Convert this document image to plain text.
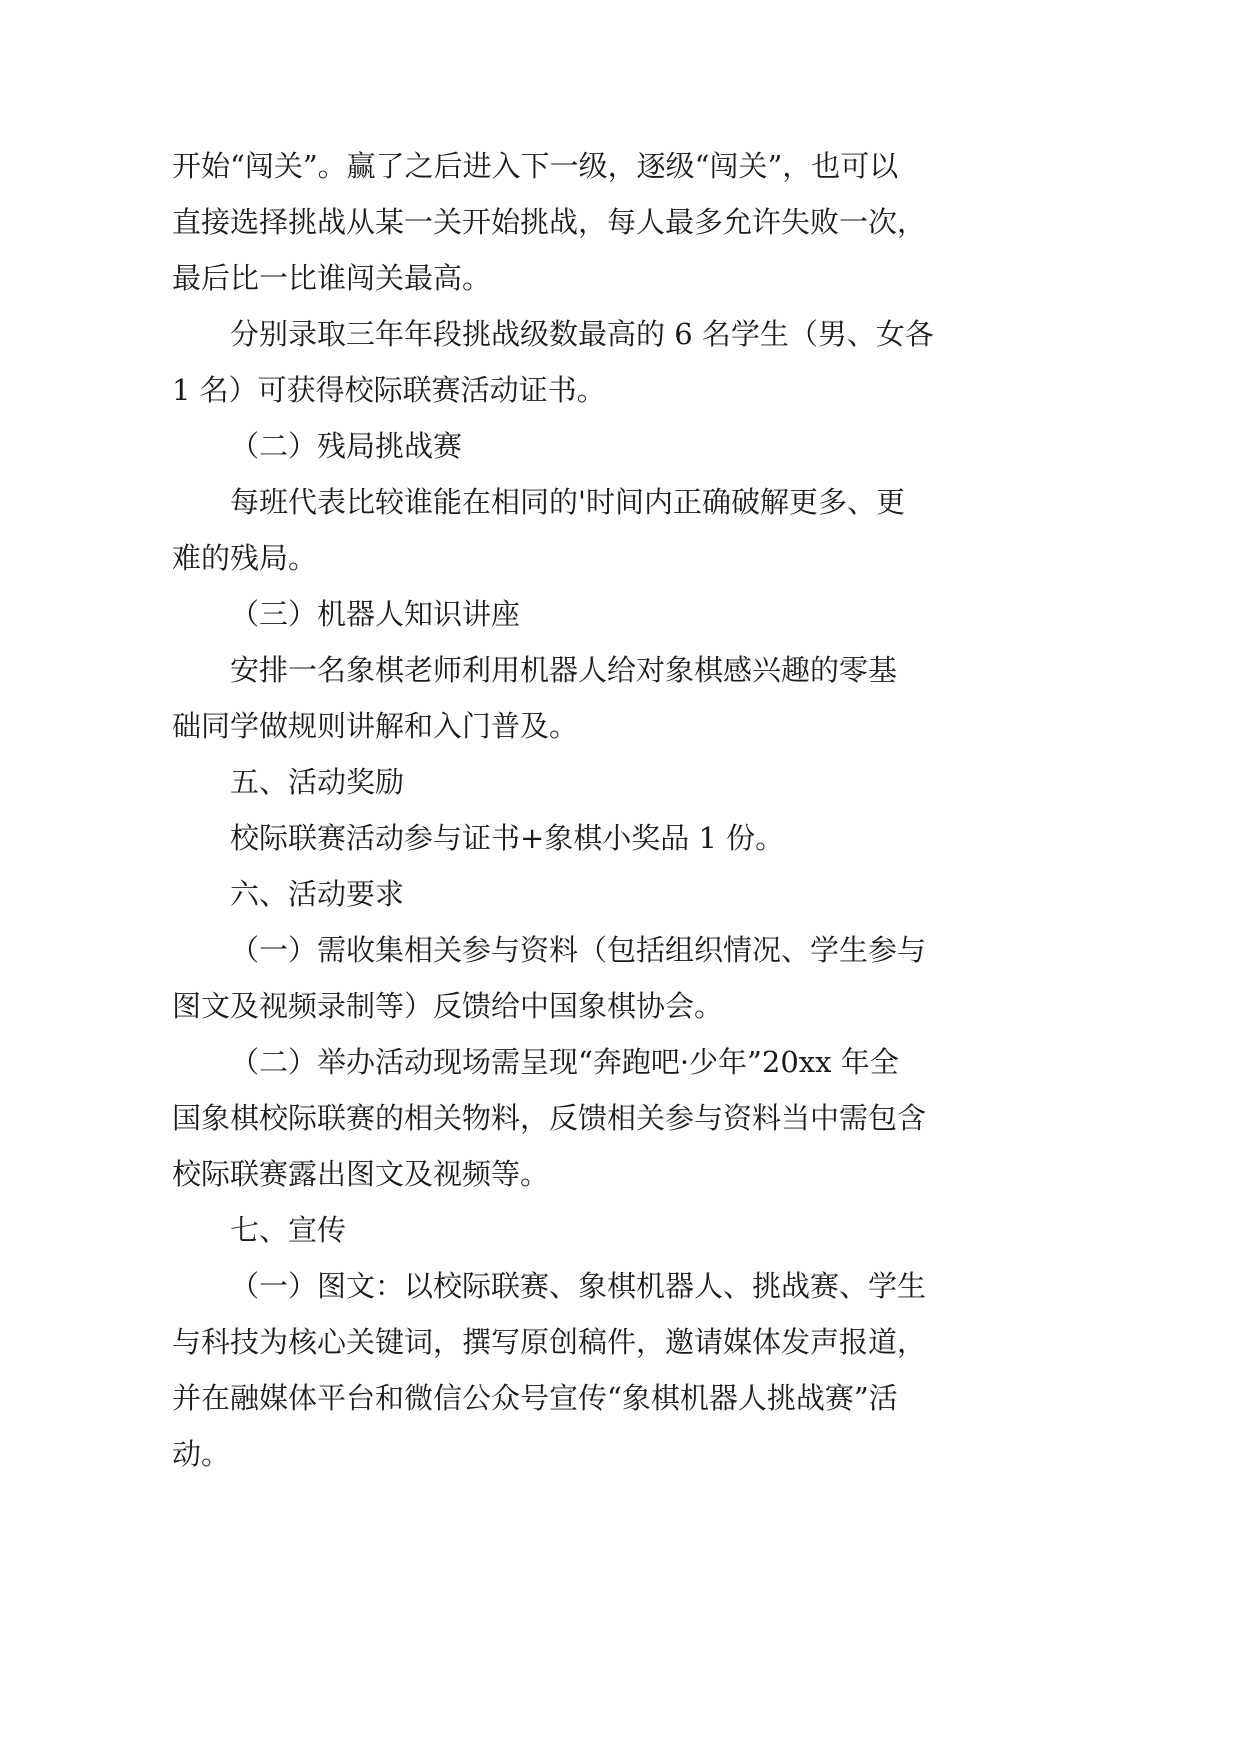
开始“闯关”。赢了之后进入下一级，逐级“闯关”，也可以
直接选择挑战从某一关开始挑战，每人最多允许失败一次，
最后比一比谁闯关最高。
分别录取三年年段挑战级数最高的 6 名学生（男、女各
1 名）可获得校际联赛活动证书。
（二）残局挑战赛
每班代表比较谁能在相同的'时间内正确破解更多、更
难的残局。
（三）机器人知识讲座
安排一名象棋老师利用机器人给对象棋感兴趣的零基
础同学做规则讲解和入门普及。
五、活动奖励
校际联赛活动参与证书+象棋小奖品 1 份。
六、活动要求
（一）需收集相关参与资料（包括组织情况、学生参与
图文及视频录制等）反馈给中国象棋协会。
（二）举办活动现场需呈现“奔跑吧·少年”20xx 年全
国象棋校际联赛的相关物料，反馈相关参与资料当中需包含
校际联赛露出图文及视频等。
七、宣传
（一）图文：以校际联赛、象棋机器人、挑战赛、学生
与科技为核心关键词，撰写原创稿件，邀请媒体发声报道，
并在融媒体平台和微信公众号宣传“象棋机器人挑战赛”活
动。
